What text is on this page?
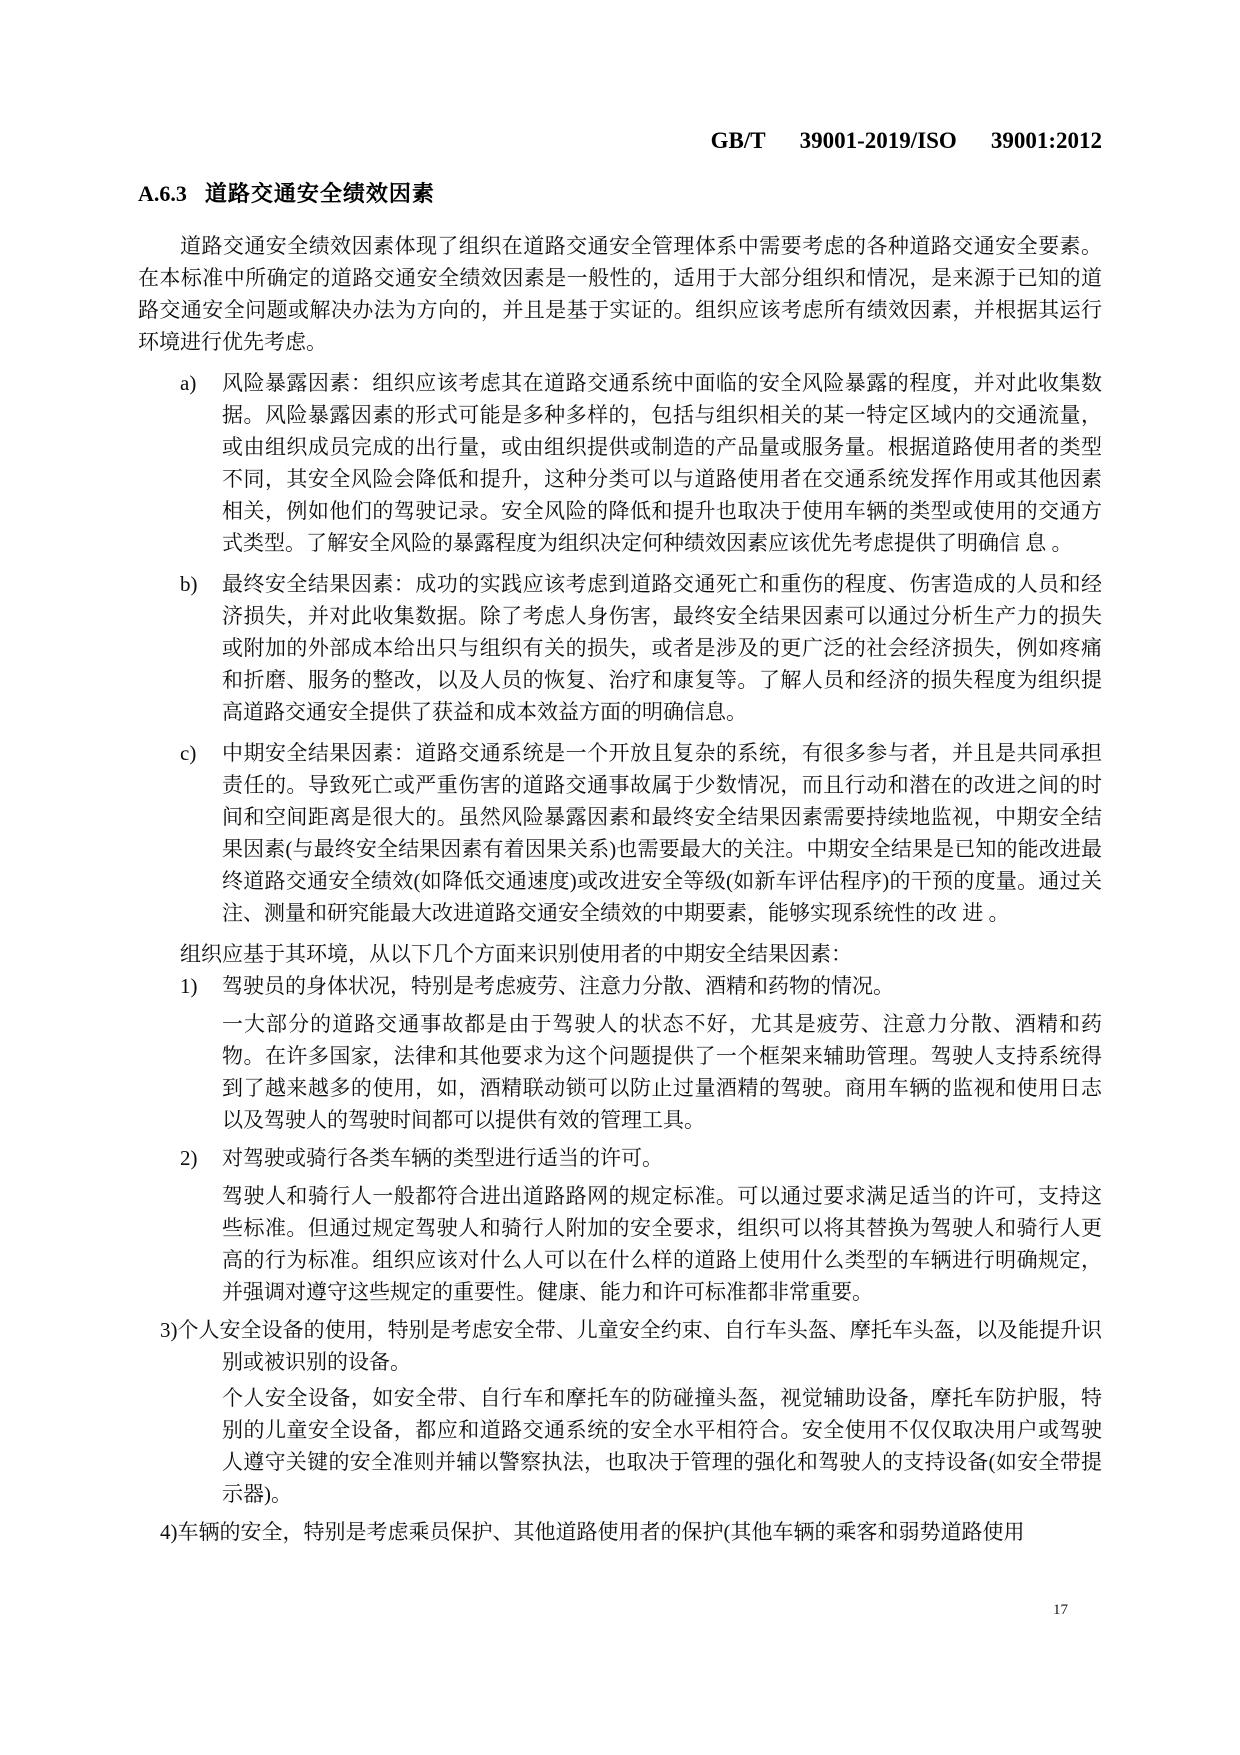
GB/T 39001-2019/ISO 39001:2012
A.6.3 道路交通安全绩效因素

道路交通安全绩效因素体现了组织在道路交通安全管理体系中需要考虑的各种道路交通安全要素。在本标准中所确定的道路交通安全绩效因素是一般性的，适用于大部分组织和情况，是来源于已知的道路交通安全问题或解决办法为方向的，并且是基于实证的。组织应该考虑所有绩效因素，并根据其运行环境进行优先考虑。

a) 风险暴露因素：组织应该考虑其在道路交通系统中面临的安全风险暴露的程度，并对此收集数据。风险暴露因素的形式可能是多种多样的，包括与组织相关的某一特定区域内的交通流量，或由组织成员完成的出行量，或由组织提供或制造的产品量或服务量。根据道路使用者的类型不同，其安全风险会降低和提升，这种分类可以与道路使用者在交通系统发挥作用或其他因素相关，例如他们的驾驶记录。安全风险的降低和提升也取决于使用车辆的类型或使用的交通方式类型。了解安全风险的暴露程度为组织决定何种绩效因素应该优先考虑提供了明确信 息 。
b) 最终安全结果因素：成功的实践应该考虑到道路交通死亡和重伤的程度、伤害造成的人员和经济损失，并对此收集数据。除了考虑人身伤害，最终安全结果因素可以通过分析生产力的损失或附加的外部成本给出只与组织有关的损失，或者是涉及的更广泛的社会经济损失，例如疼痛和折磨、服务的整改，以及人员的恢复、治疗和康复等。了解人员和经济的损失程度为组织提高道路交通安全提供了获益和成本效益方面的明确信息。
c) 中期安全结果因素：道路交通系统是一个开放且复杂的系统，有很多参与者，并且是共同承担责任的。导致死亡或严重伤害的道路交通事故属于少数情况，而且行动和潜在的改进之间的时间和空间距离是很大的。虽然风险暴露因素和最终安全结果因素需要持续地监视，中期安全结果因素(与最终安全结果因素有着因果关系)也需要最大的关注。中期安全结果是已知的能改进最终道路交通安全绩效(如降低交通速度)或改进安全等级(如新车评估程序)的干预的度量。通过关注、测量和研究能最大改进道路交通安全绩效的中期要素，能够实现系统性的改 进 。

组织应基于其环境，从以下几个方面来识别使用者的中期安全结果因素：

1) 驾驶员的身体状况，特别是考虑疲劳、注意力分散、酒精和药物的情况。
一大部分的道路交通事故都是由于驾驶人的状态不好，尤其是疲劳、注意力分散、酒精和药物。在许多国家，法律和其他要求为这个问题提供了一个框架来辅助管理。驾驶人支持系统得到了越来越多的使用，如，酒精联动锁可以防止过量酒精的驾驶。商用车辆的监视和使用日志以及驾驶人的驾驶时间都可以提供有效的管理工具。
2) 对驾驶或骑行各类车辆的类型进行适当的许可。
驾驶人和骑行人一般都符合进出道路路网的规定标准。可以通过要求满足适当的许可，支持这些标准。但通过规定驾驶人和骑行人附加的安全要求，组织可以将其替换为驾驶人和骑行人更高的行为标准。组织应该对什么人可以在什么样的道路上使用什么类型的车辆进行明确规定，并强调对遵守这些规定的重要性。健康、能力和许可标准都非常重要。
3)个人安全设备的使用，特别是考虑安全带、儿童安全约束、自行车头盔、摩托车头盔，以及能提升识别或被识别的设备。
个人安全设备，如安全带、自行车和摩托车的防碰撞头盔，视觉辅助设备，摩托车防护服，特别的儿童安全设备，都应和道路交通系统的安全水平相符合。安全使用不仅仅取决用户或驾驶人遵守关键的安全准则并辅以警察执法，也取决于管理的强化和驾驶人的支持设备(如安全带提示器)。
4)车辆的安全，特别是考虑乘员保护、其他道路使用者的保护(其他车辆的乘客和弱势道路使用
17
